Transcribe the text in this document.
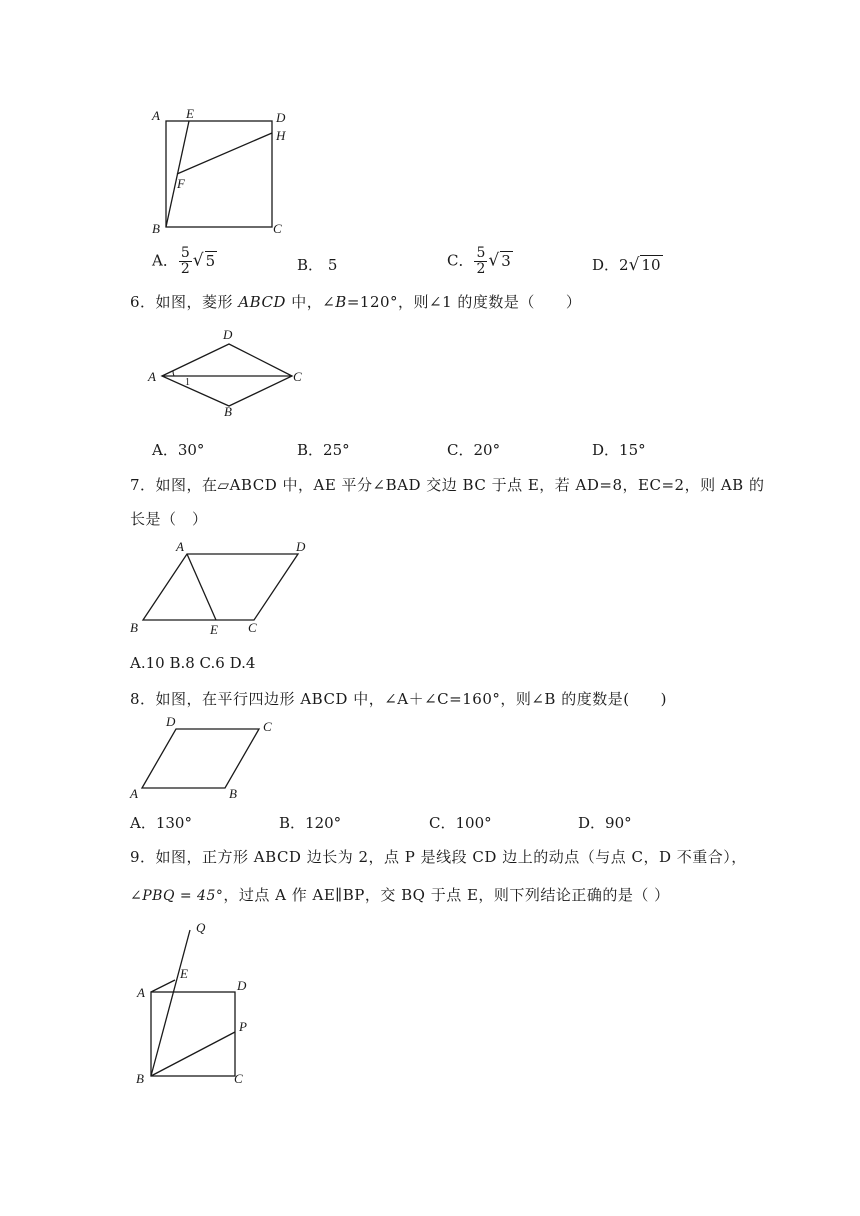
A E	D
H
F
B	C
A． $\frac{5}{2}$ √ 5	B． 5	C． $\frac{5}{2}$ √ 3	D．2√ 10
6．如图，菱形 ABCD 中，∠B=120°，则∠1 的度数是（　　）
D
A	C
B
1
A．30°	B．25°	C．20°	D．15°
7．如图，在▱ABCD 中，AE 平分∠BAD 交边 BC 于点 E，若 AD=8，EC=2，则 AB 的
长是（　）
A	D
B	E C
A.10 B.8 C.6 D.4
8．如图，在平行四边形 ABCD 中，∠A＋∠C=160°，则∠B 的度数是(　　)
D	C
A	B
A．130°	B．120°	C．100°	D．90°
9．如图，正方形 ABCD 边长为 2，点 P 是线段 CD 边上的动点（与点 C，D 不重合），
∠PBQ = 45°，过点 A 作 AE∥BP，交 BQ 于点 E，则下列结论正确的是（ ）
Q
E
A	D
P
B	C
